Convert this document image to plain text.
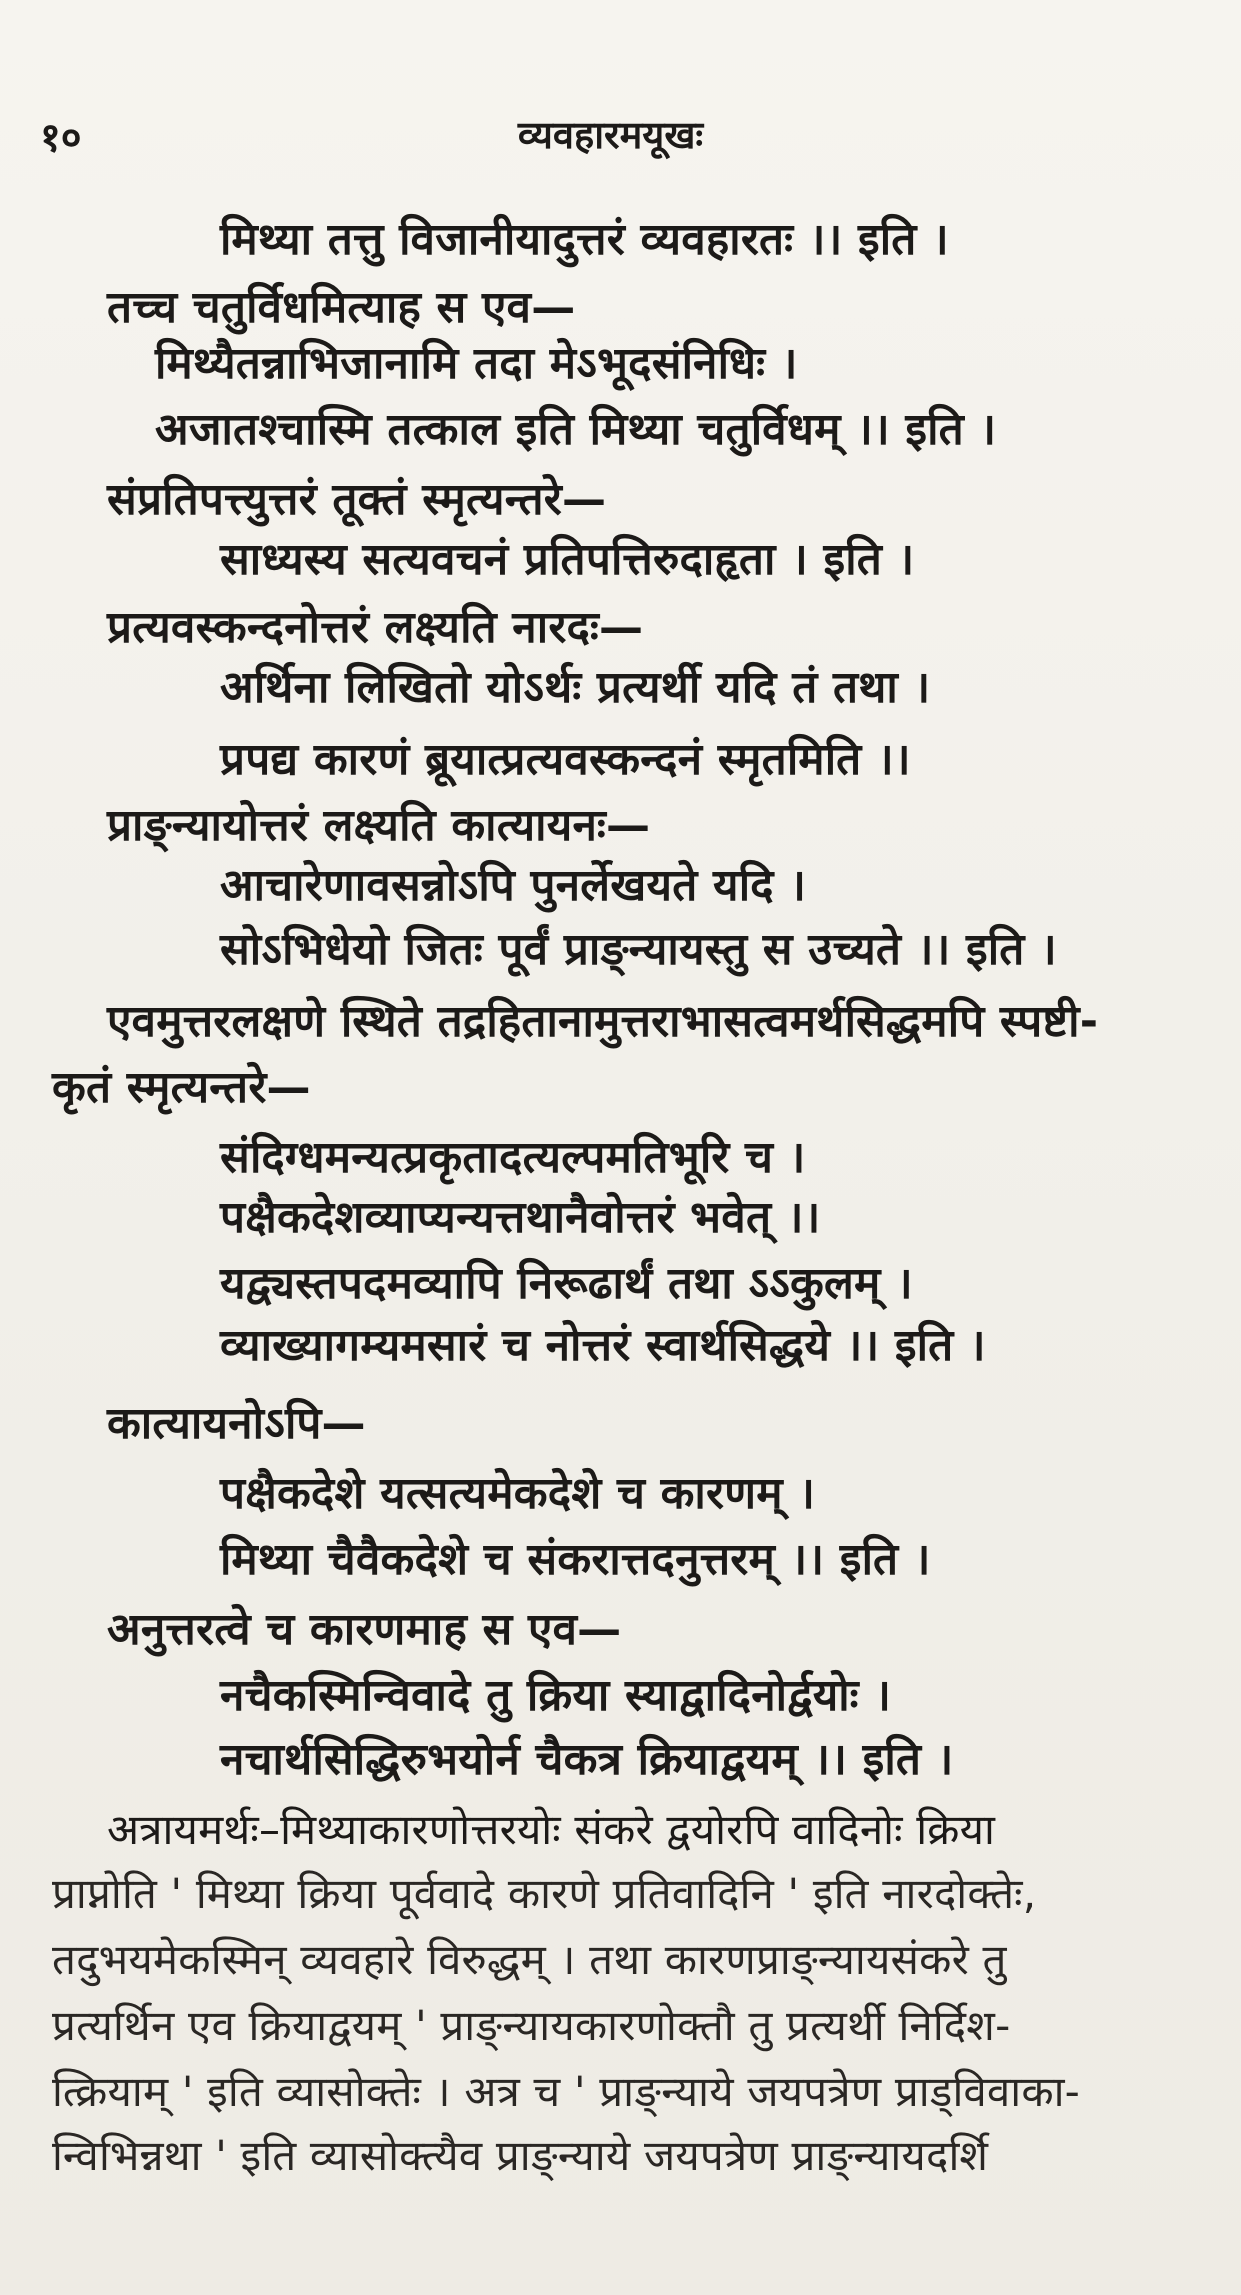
१०	व्यवहारमयूखः
मिथ्या तत्तु विजानीयादुत्तरं व्यवहारतः ।। इति ।
तच्च चतुर्विधमित्याह स एव—
मिथ्यैतन्नाभिजानामि तदा मेऽभूदसंनिधिः ।
अजातश्चास्मि तत्काल इति मिथ्या चतुर्विधम् ।। इति ।
संप्रतिपत्त्युत्तरं तूक्तं स्मृत्यन्तरे—
साध्यस्य सत्यवचनं प्रतिपत्तिरुदाहृता । इति ।
प्रत्यवस्कन्दनोत्तरं लक्ष्यति नारदः—
अर्थिना लिखितो योऽर्थः प्रत्यर्थी यदि तं तथा ।
प्रपद्य कारणं ब्रूयात्प्रत्यवस्कन्दनं स्मृतमिति ।।
प्राङ्न्यायोत्तरं लक्ष्यति कात्यायनः—
आचारेणावसन्नोऽपि पुनर्लेखयते यदि ।
सोऽभिधेयो जितः पूर्वं प्राङ्न्यायस्तु स उच्यते ।। इति ।
एवमुत्तरलक्षणे स्थिते तद्रहितानामुत्तराभासत्वमर्थसिद्धमपि स्पष्टी-
कृतं स्मृत्यन्तरे—
संदिग्धमन्यत्प्रकृतादत्यल्पमतिभूरि च ।
पक्षैकदेशव्याप्यन्यत्तथानैवोत्तरं भवेत् ।।
यद्व्यस्तपदमव्यापि निरूढार्थं तथा ऽऽकुलम् ।
व्याख्यागम्यमसारं च नोत्तरं स्वार्थसिद्धये ।। इति ।
कात्यायनोऽपि—
पक्षैकदेशे यत्सत्यमेकदेशे च कारणम् ।
मिथ्या चैवैकदेशे च संकरात्तदनुत्तरम् ।। इति ।
अनुत्तरत्वे च कारणमाह स एव—
नचैकस्मिन्विवादे तु क्रिया स्याद्वादिनोर्द्वयोः ।
नचार्थसिद्धिरुभयोर्न चैकत्र क्रियाद्वयम् ।। इति ।
अत्रायमर्थः–मिथ्याकारणोत्तरयोः संकरे द्वयोरपि वादिनोः क्रिया
प्राप्नोति ' मिथ्या क्रिया पूर्ववादे कारणे प्रतिवादिनि ' इति नारदोक्तेः,
तदुभयमेकस्मिन् व्यवहारे विरुद्धम् । तथा कारणप्राङ्न्यायसंकरे तु
प्रत्यर्थिन एव क्रियाद्वयम् ' प्राङ्न्यायकारणोक्तौ तु प्रत्यर्थी निर्दिश-
त्क्रियाम् ' इति व्यासोक्तेः । अत्र च ' प्राङ्न्याये जयपत्रेण प्राड्विवाका-
न्विभिन्नथा ' इति व्यासोक्त्यैव प्राङ्न्याये जयपत्रेण प्राङ्न्यायदर्शि
